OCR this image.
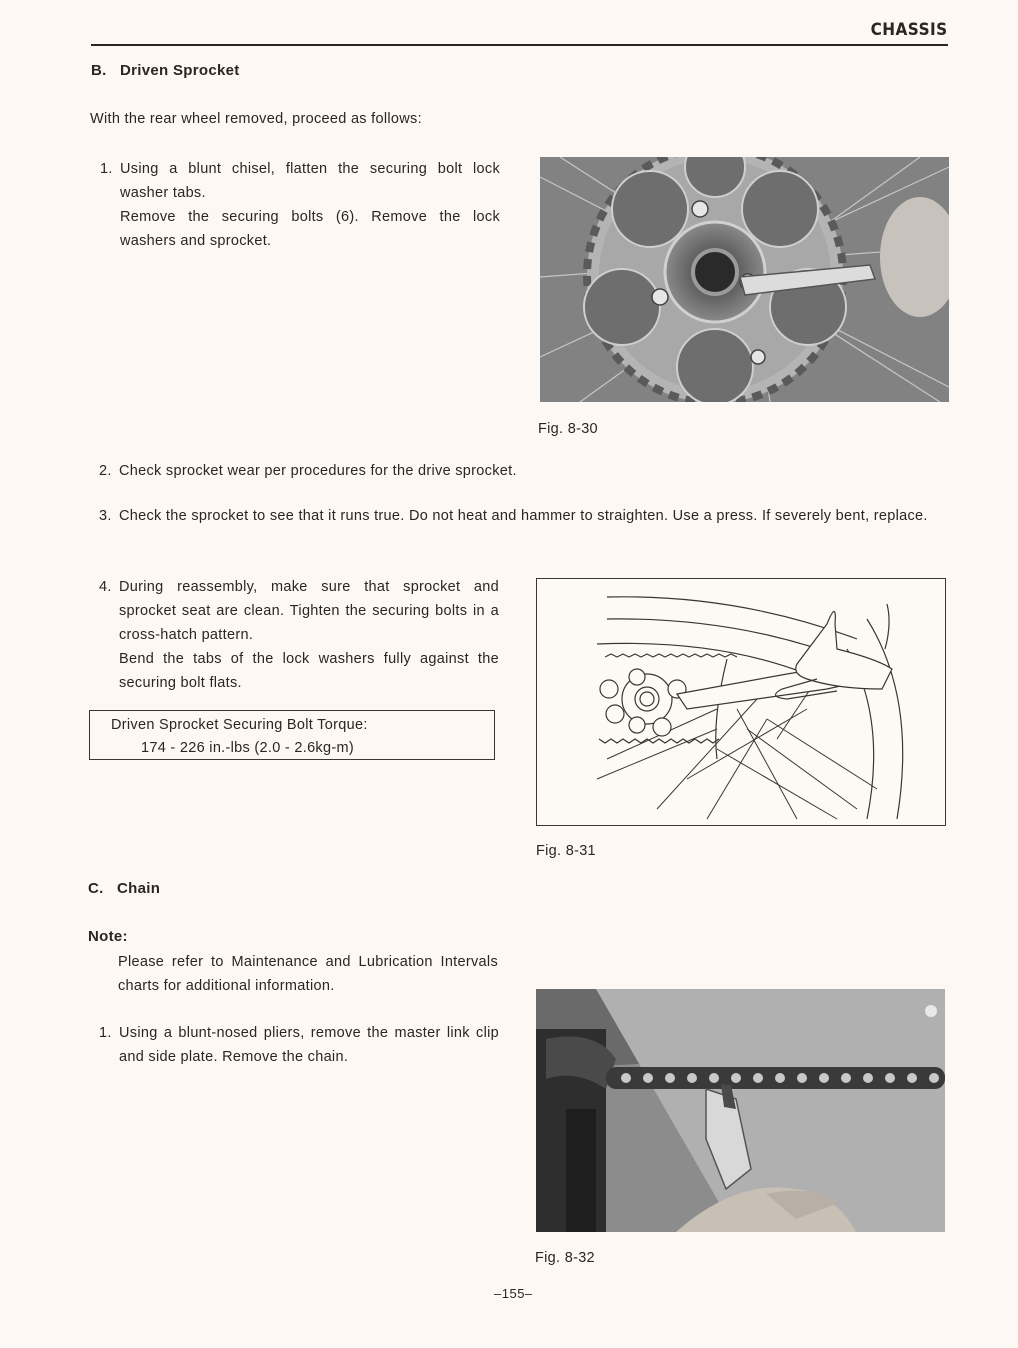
CHASSIS
B.   Driven Sprocket
With the rear wheel removed, proceed as follows:
1. Using a blunt chisel, flatten the securing bolt lock washer tabs.

Remove the securing bolts (6). Remove the lock washers and sprocket.

Fig. 8-30
2. Check sprocket wear per procedures for the drive sprocket.

3. Check the sprocket to see that it runs true. Do not heat and hammer to straighten. Use a press. If severely bent, replace.

4. During reassembly, make sure that sprocket and sprocket seat are clean. Tighten the securing bolts in a cross-hatch pattern.

Bend the tabs of the lock washers fully against the securing bolt flats.

Driven Sprocket Securing Bolt Torque:
174 - 226 in.-lbs (2.0 - 2.6kg-m)
Fig. 8-31
C.   Chain
Note:
Please refer to Maintenance and Lubrication Intervals charts for additional information.
1. Using a blunt-nosed pliers, remove the master link clip and side plate. Remove the chain.

Fig. 8-32
–155–
